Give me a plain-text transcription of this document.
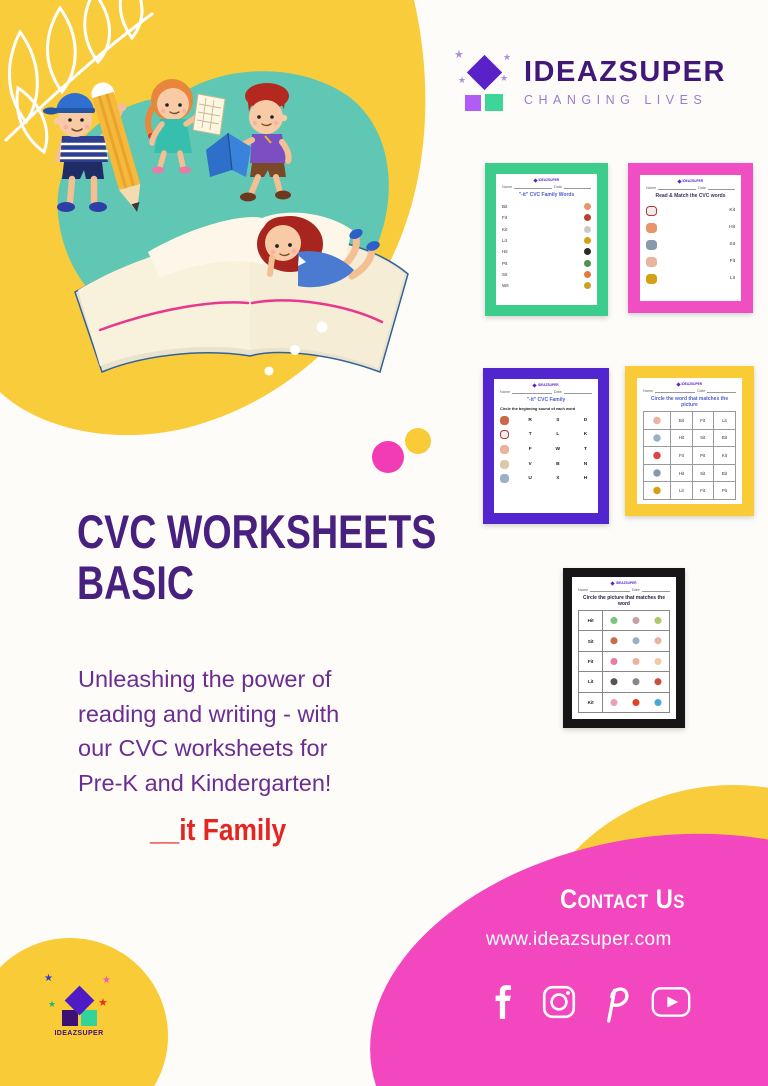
★	★
★	★ IDEAZSUPER
CHANGING LIVES
IDEAZSUPER
Name	Date
"-it" CVC Family Words
Bit
Fit
Kit
Lit
Hit
Pit
Sit
Wit
IDEAZSUPER
Name	Date
Read & Match the CVC words
Kit
Hit
Sit
Fit
Lit
IDEAZSUPER
Name	Date
"-it" CVC Family
Circle the beginning sound of each word
R	S	D
T	L	K
F	W	T
V	B	N
U	X	H
IDEAZSUPER
Name	Date
Circle the word that matches the picture
Bit	Fit	Lit
Hit	Sit	Bit
Fit	Pit	Kit
Hit	Sit	Bit
Lit	Fit	Pit
IDEAZSUPER
Name	Date
Circle the picture that matches the word
Hit
Sit
Fit
Lit
Kit
CVC WORKSHEETS
BASIC
Unleashing the power of reading and writing - with our CVC worksheets for Pre-K and Kindergarten!
__it Family
Contact Us
www.ideazsuper.com
★	★
★	★
IDEAZSUPER
